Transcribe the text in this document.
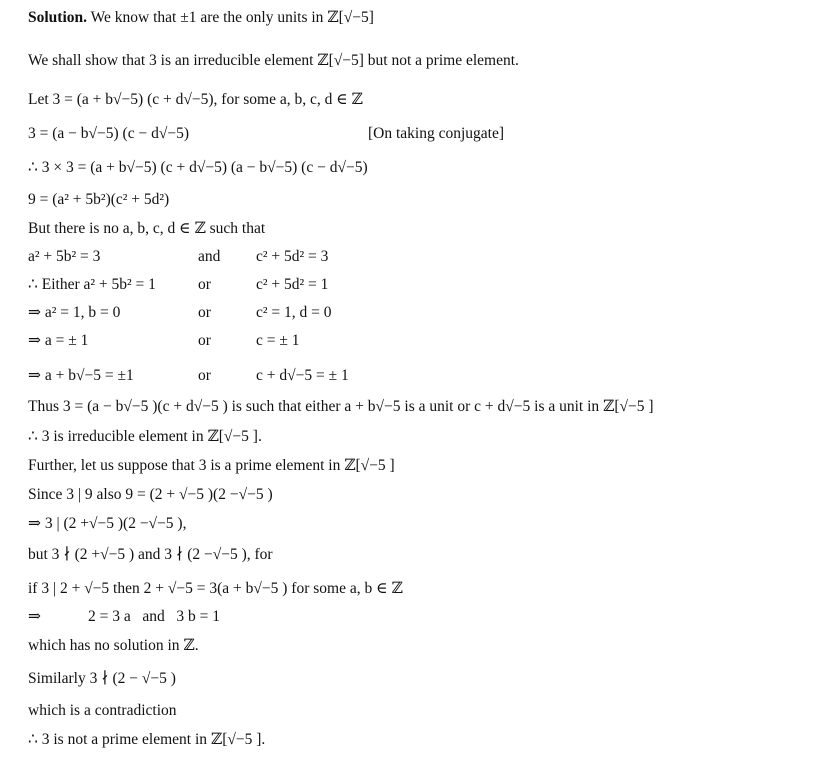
Solution. We know that ±1 are the only units in ℤ[√−5]
We shall show that 3 is an irreducible element ℤ[√−5] but not a prime element.
Let 3 = (a + b√−5) (c + d√−5), for some a, b, c, d ∈ ℤ
3 = (a − b√−5) (c − d√−5)	[On taking conjugate]
∴ 3 × 3 = (a + b√−5) (c + d√−5) (a − b√−5) (c − d√−5)
9 = (a² + 5b²)(c² + 5d²)
But there is no a, b, c, d ∈ ℤ such that
a² + 5b² = 3	and c² + 5d² = 3
∴ Either a² + 5b² = 1	or	c² + 5d² = 1
⇒ a² = 1, b = 0	or	c² = 1, d = 0
⇒ a = ± 1	or	c = ± 1
⇒ a + b√−5 = ±1	or	c + d√−5 = ± 1
Thus 3 = (a − b√−5 )(c + d√−5 ) is such that either a + b√−5 is a unit or c + d√−5 is a unit in ℤ[√−5 ]
∴ 3 is irreducible element in ℤ[√−5 ].
Further, let us suppose that 3 is a prime element in ℤ[√−5 ]
Since 3 | 9 also 9 = (2 + √−5 )(2 −√−5 )
⇒ 3 | (2 +√−5 )(2 −√−5 ),
but 3 ∤ (2 +√−5 ) and 3 ∤ (2 −√−5 ), for
if 3 | 2 + √−5 then 2 + √−5 = 3(a + b√−5 ) for some a, b ∈ ℤ
⇒	2 = 3 a   and   3 b = 1
which has no solution in ℤ.
Similarly 3 ∤ (2 − √−5 )
which is a contradiction
∴ 3 is not a prime element in ℤ[√−5 ].
